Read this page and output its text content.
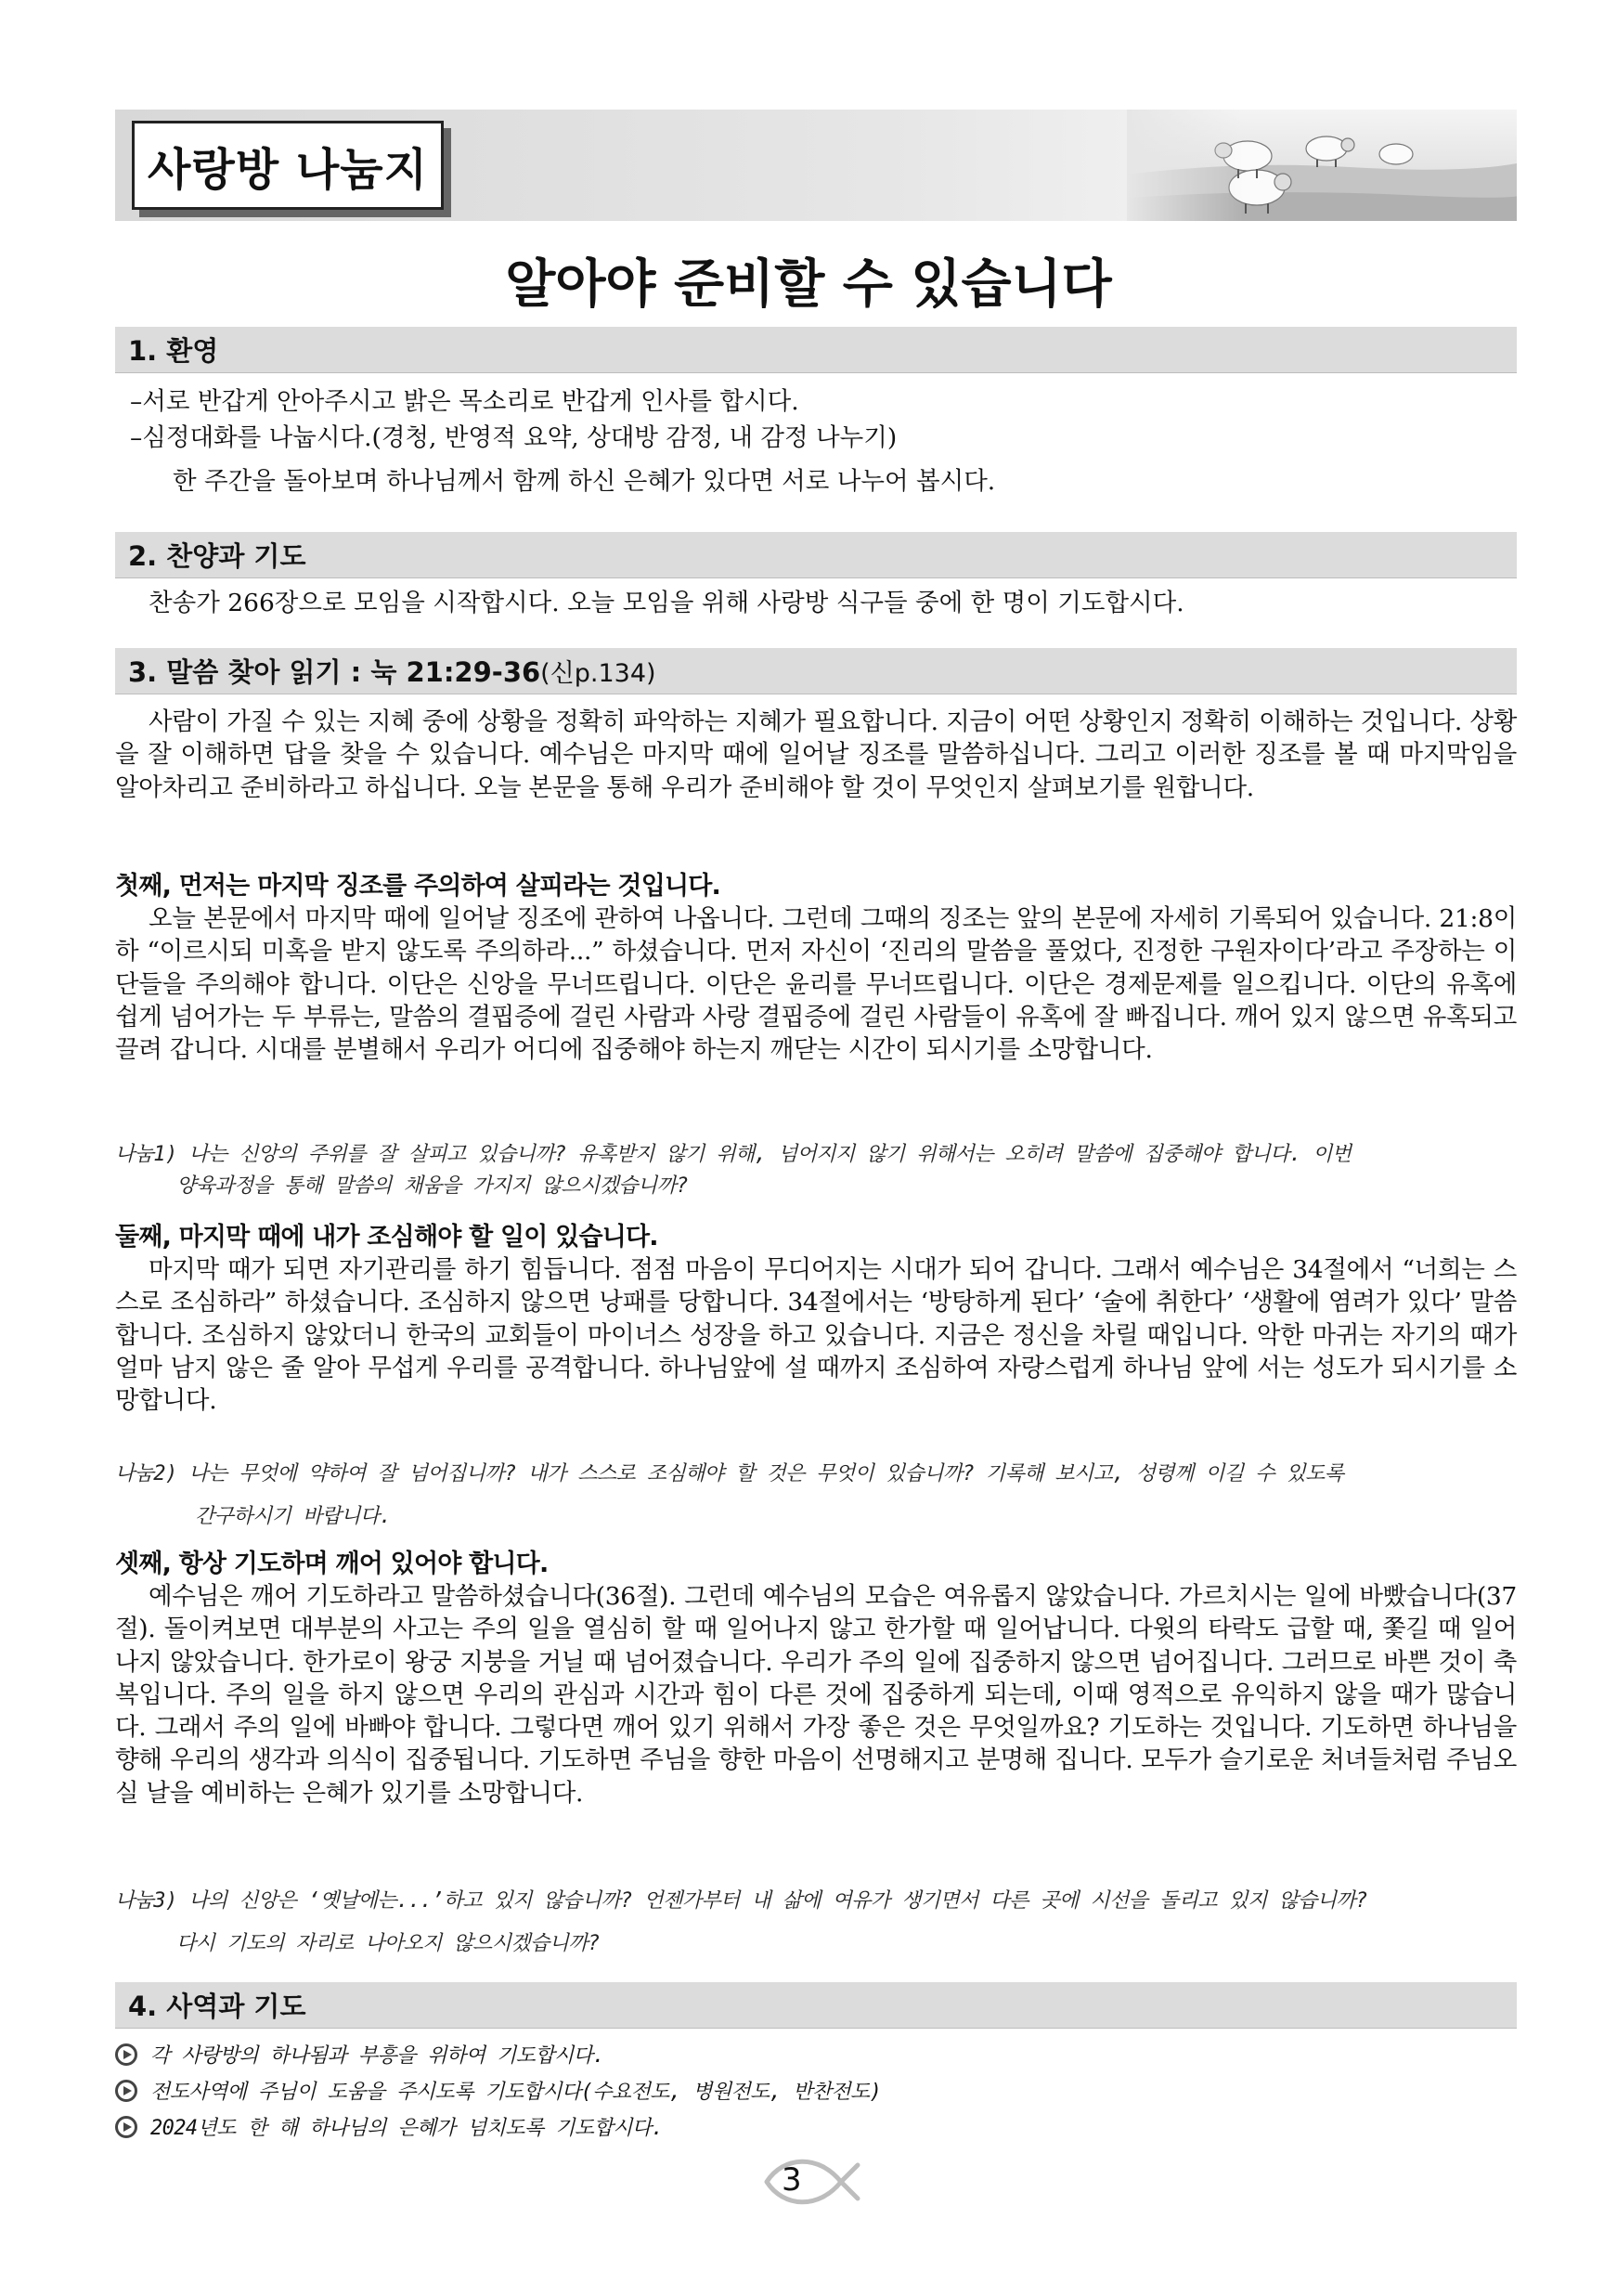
사랑방 나눔지
알아야 준비할 수 있습니다
1. 환영
–서로 반갑게 안아주시고 밝은 목소리로 반갑게 인사를 합시다.
–심정대화를 나눕시다.(경청, 반영적 요약, 상대방 감정, 내 감정 나누기)
한 주간을 돌아보며 하나님께서 함께 하신 은혜가 있다면 서로 나누어 봅시다.
2. 찬양과 기도
찬송가 266장으로 모임을 시작합시다. 오늘 모임을 위해 사랑방 식구들 중에 한 명이 기도합시다.
3. 말씀 찾아 읽기 : 눅 21:29-36 (신p.134)
사람이 가질 수 있는 지혜 중에 상황을 정확히 파악하는 지혜가 필요합니다. 지금이 어떤 상황인지 정확히 이해하는 것입니다. 상황을 잘 이해하면 답을 찾을 수 있습니다. 예수님은 마지막 때에 일어날 징조를 말씀하십니다. 그리고 이러한 징조를 볼 때 마지막임을 알아차리고 준비하라고 하십니다. 오늘 본문을 통해 우리가 준비해야 할 것이 무엇인지 살펴보기를 원합니다.
첫째, 먼저는 마지막 징조를 주의하여 살피라는 것입니다.
오늘 본문에서 마지막 때에 일어날 징조에 관하여 나옵니다. 그런데 그때의 징조는 앞의 본문에 자세히 기록되어 있습니다. 21:8이하 “이르시되 미혹을 받지 않도록 주의하라...” 하셨습니다. 먼저 자신이 ‘진리의 말씀을 풀었다, 진정한 구원자이다’라고 주장하는 이단들을 주의해야 합니다. 이단은 신앙을 무너뜨립니다. 이단은 윤리를 무너뜨립니다. 이단은 경제문제를 일으킵니다. 이단의 유혹에 쉽게 넘어가는 두 부류는, 말씀의 결핍증에 걸린 사람과 사랑 결핍증에 걸린 사람들이 유혹에 잘 빠집니다. 깨어 있지 않으면 유혹되고 끌려 갑니다. 시대를 분별해서 우리가 어디에 집중해야 하는지 깨닫는 시간이 되시기를 소망합니다.
나눔1) 나는 신앙의 주위를 잘 살피고 있습니까? 유혹받지 않기 위해, 넘어지지 않기 위해서는 오히려 말씀에 집중해야 합니다. 이번
양육과정을 통해 말씀의 채움을 가지지 않으시겠습니까?
둘째, 마지막 때에 내가 조심해야 할 일이 있습니다.
마지막 때가 되면 자기관리를 하기 힘듭니다. 점점 마음이 무디어지는 시대가 되어 갑니다. 그래서 예수님은 34절에서 “너희는 스스로 조심하라” 하셨습니다. 조심하지 않으면 낭패를 당합니다. 34절에서는 ‘방탕하게 된다’ ‘술에 취한다’ ‘생활에 염려가 있다’ 말씀합니다. 조심하지 않았더니 한국의 교회들이 마이너스 성장을 하고 있습니다. 지금은 정신을 차릴 때입니다. 악한 마귀는 자기의 때가 얼마 남지 않은 줄 알아 무섭게 우리를 공격합니다. 하나님앞에 설 때까지 조심하여 자랑스럽게 하나님 앞에 서는 성도가 되시기를 소망합니다.
나눔2) 나는 무엇에 약하여 잘 넘어집니까? 내가 스스로 조심해야 할 것은 무엇이 있습니까? 기록해 보시고, 성령께 이길 수 있도록
간구하시기 바랍니다.
셋째, 항상 기도하며 깨어 있어야 합니다.
예수님은 깨어 기도하라고 말씀하셨습니다(36절). 그런데 예수님의 모습은 여유롭지 않았습니다. 가르치시는 일에 바빴습니다(37절). 돌이켜보면 대부분의 사고는 주의 일을 열심히 할 때 일어나지 않고 한가할 때 일어납니다. 다윗의 타락도 급할 때, 쫓길 때 일어나지 않았습니다. 한가로이 왕궁 지붕을 거닐 때 넘어졌습니다. 우리가 주의 일에 집중하지 않으면 넘어집니다. 그러므로 바쁜 것이 축복입니다. 주의 일을 하지 않으면 우리의 관심과 시간과 힘이 다른 것에 집중하게 되는데, 이때 영적으로 유익하지 않을 때가 많습니다. 그래서 주의 일에 바빠야 합니다. 그렇다면 깨어 있기 위해서 가장 좋은 것은 무엇일까요? 기도하는 것입니다. 기도하면 하나님을 향해 우리의 생각과 의식이 집중됩니다. 기도하면 주님을 향한 마음이 선명해지고 분명해 집니다. 모두가 슬기로운 처녀들처럼 주님오실 날을 예비하는 은혜가 있기를 소망합니다.
나눔3) 나의 신앙은 ‘옛날에는...’하고 있지 않습니까? 언젠가부터 내 삶에 여유가 생기면서 다른 곳에 시선을 돌리고 있지 않습니까?
다시 기도의 자리로 나아오지 않으시겠습니까?
4. 사역과 기도
각 사랑방의 하나됨과 부흥을 위하여 기도합시다.
전도사역에 주님이 도움을 주시도록 기도합시다(수요전도, 병원전도, 반찬전도)
2024년도 한 해 하나님의 은혜가 넘치도록 기도합시다.
3
